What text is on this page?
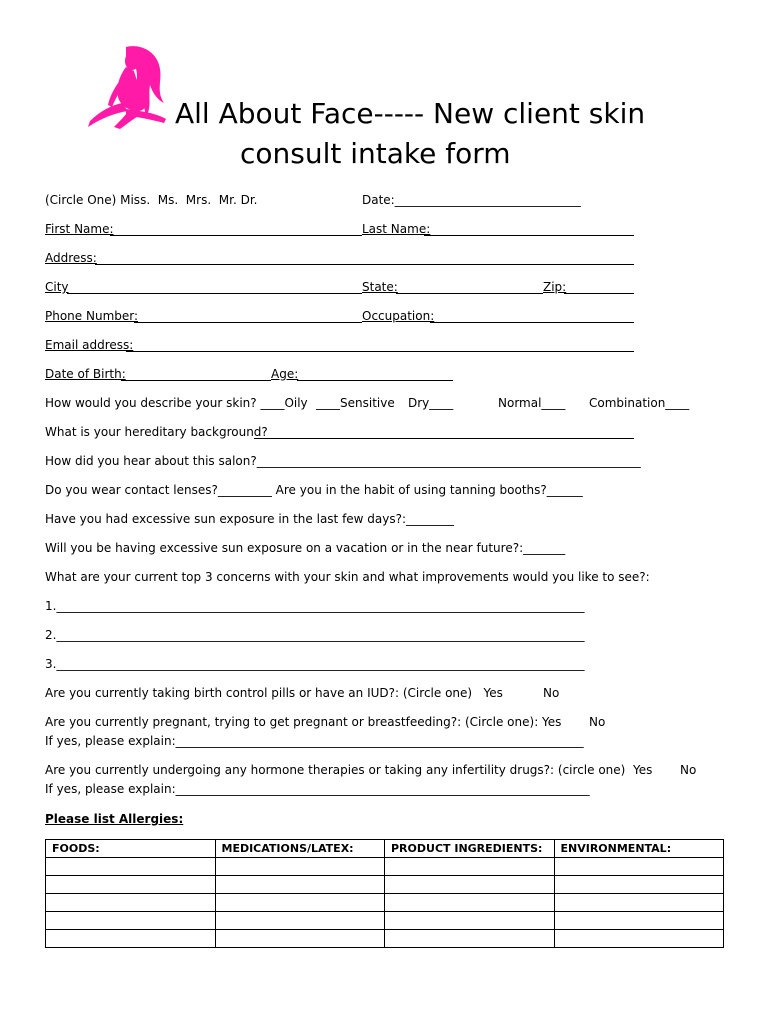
All About Face----- New client skin
consult intake form
(Circle One) Miss.  Ms.  Mrs.  Mr. Dr.	Date:_______________________________
First Name:	Last Name:
Address:
City	State:	Zip:
Phone Number:	Occupation:
Email address:
Date of Birth:	Age:
How would you describe your skin? ____Oily ____Sensitive Dry____	Normal____ Combination____
What is your hereditary background?
How did you hear about this salon?________________________________________________________________
Do you wear contact lenses?_________ Are you in the habit of using tanning booths?______
Have you had excessive sun exposure in the last few days?:________
Will you be having excessive sun exposure on a vacation or in the near future?:_______
What are your current top 3 concerns with your skin and what improvements would you like to see?:
1.________________________________________________________________________________________
2.________________________________________________________________________________________
3.________________________________________________________________________________________
Are you currently taking birth control pills or have an IUD?: (Circle one)   Yes	No
Are you currently pregnant, trying to get pregnant or breastfeeding?: (Circle one): Yes No
If yes, please explain:____________________________________________________________________
Are you currently undergoing any hormone therapies or taking any infertility drugs?: (circle one)  Yes No
If yes, please explain:_____________________________________________________________________
Please list Allergies:
FOODS:	MEDICATIONS/LATEX:	PRODUCT INGREDIENTS:	ENVIRONMENTAL:
